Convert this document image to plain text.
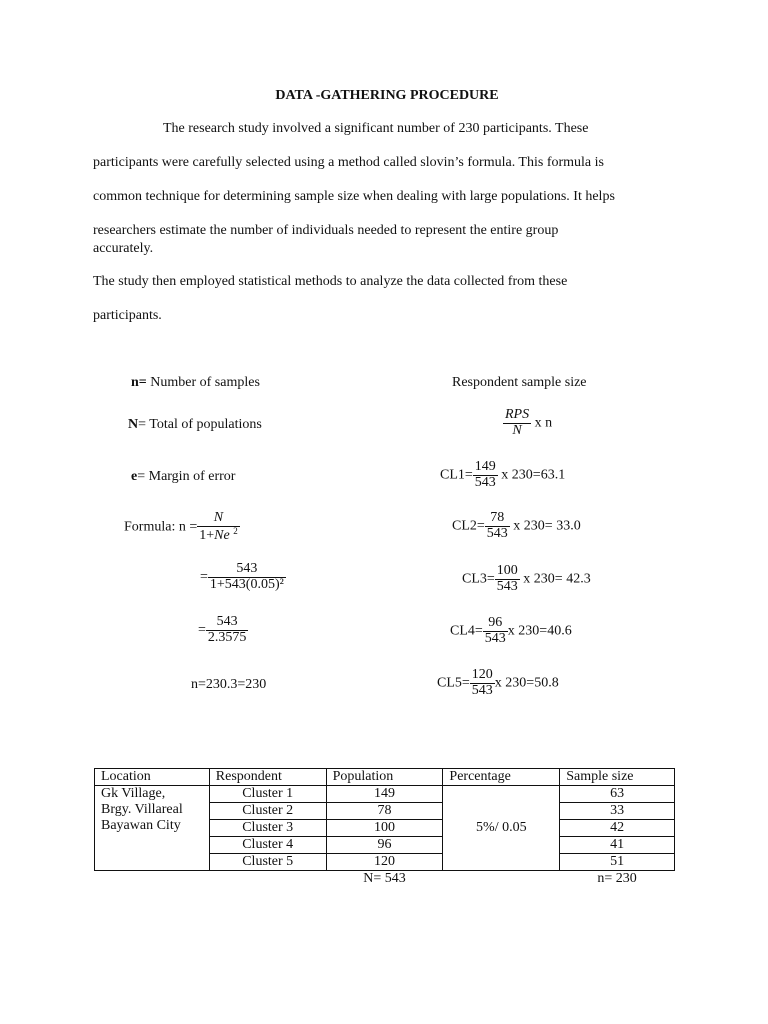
DATA -GATHERING PROCEDURE
The research study involved a significant number of 230 participants. These
participants were carefully selected using a method called slovin’s formula. This formula is
common technique for determining sample size when dealing with large populations. It helps
researchers estimate the number of individuals needed to represent the entire group
accurately.
The study then employed statistical methods to analyze the data collected from these
participants.
n= Number of samples
N= Total of populations
e= Margin of error
Formula: $n = \frac{N}{1+Ne ^2}$
= $\frac{543}{\text{1+543(0.05)²}}$
= $\frac{543}{2.3575}$
n=230.3=230
Respondent sample size
$\frac{\text{RPS}}{N}$ x n
$CL1= \frac{149}{543}$ x 230=63.1
$CL2= \frac{78}{543}$ x 230= 33.0
$CL3= \frac{100}{543}$ x 230= 42.3
$CL4= \frac{96}{543}$ x 230=40.6
$CL5= \frac{120}{543}$ x 230=50.8
Location	Respondent	Population	Percentage	Sample size

Gk Village,
Brgy. Villareal
Bayawan City	Cluster 1	149	5%/ 0.05	63
	Cluster 2	78		33
	Cluster 3	100		42
	Cluster 4	96		41
	Cluster 5	120		51
		N= 543		n= 230
